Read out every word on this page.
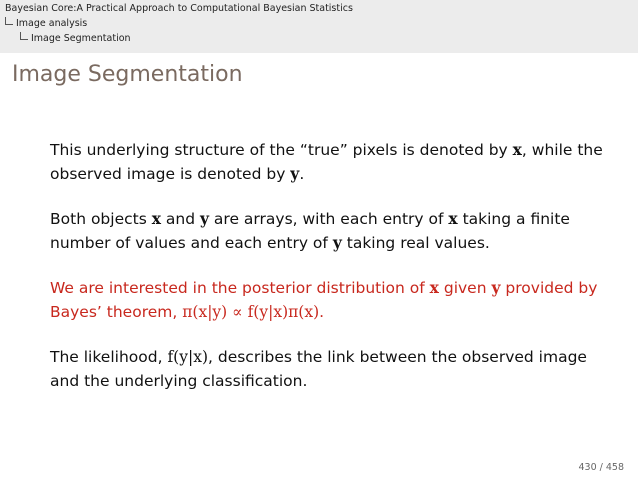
Bayesian Core:A Practical Approach to Computational Bayesian Statistics
Image analysis
Image Segmentation
Image Segmentation

This underlying structure of the “true” pixels is denoted by x, while the observed image is denoted by y.

Both objects x and y are arrays, with each entry of x taking a finite number of values and each entry of y taking real values.

We are interested in the posterior distribution of x given y provided by Bayes’ theorem, π(x|y) ∝ f(y|x)π(x).

The likelihood, f(y|x), describes the link between the observed image and the underlying classification.

430 / 458
